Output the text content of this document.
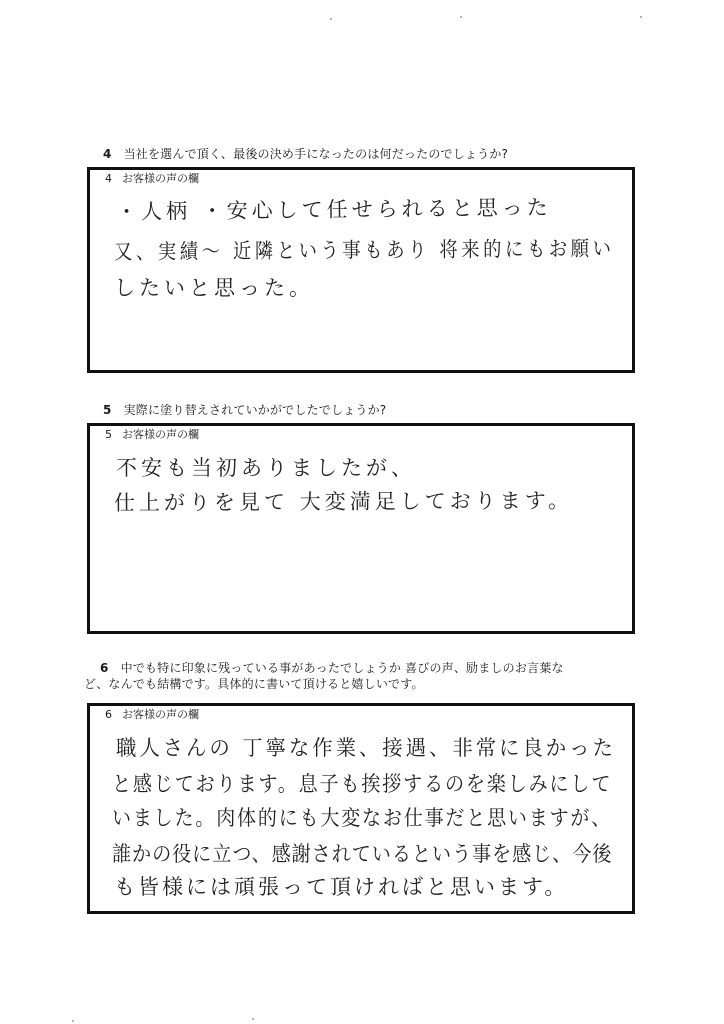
4 当社を選んで頂く、最後の決め手になったのは何だったのでしょうか?
4 お客様の声の欄
・人柄 ・安心して任せられると思った
又、実績〜 近隣という事もあり 将来的にもお願い
したいと思った。
5 実際に塗り替えされていかがでしたでしょうか?
5 お客様の声の欄
不安も当初ありましたが、
仕上がりを見て 大変満足しております。
6 中でも特に印象に残っている事があったでしょうか 喜びの声、励ましのお言葉な
ど、なんでも結構です。具体的に書いて頂けると嬉しいです。
6 お客様の声の欄
職人さんの 丁寧な作業、接遇、非常に良かった
と感じております。息子も挨拶するのを楽しみにして
いました。肉体的にも大変なお仕事だと思いますが、
誰かの役に立つ、感謝されているという事を感じ、今後
も皆様には頑張って頂ければと思います。
